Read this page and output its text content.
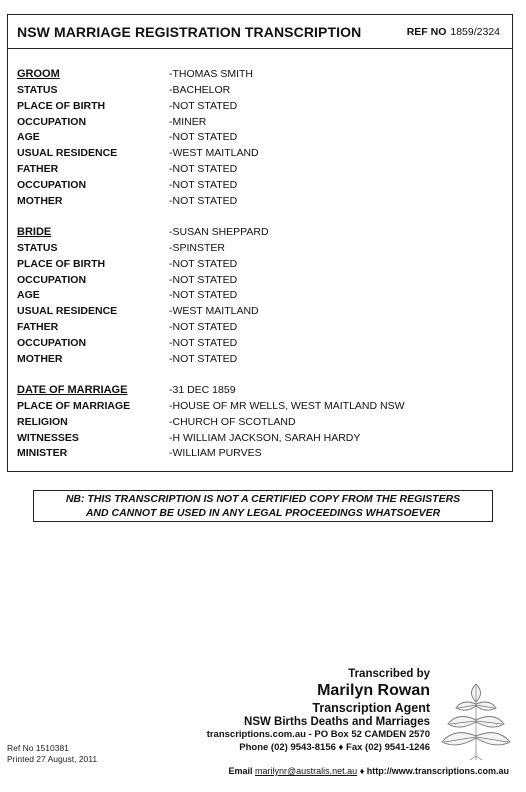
NSW MARRIAGE REGISTRATION TRANSCRIPTION	REF NO 1859/2324
GROOM	-THOMAS SMITH
STATUS	-BACHELOR
PLACE OF BIRTH	-NOT STATED
OCCUPATION	-MINER
AGE	-NOT STATED
USUAL RESIDENCE	-WEST MAITLAND
FATHER	-NOT STATED
OCCUPATION	-NOT STATED
MOTHER	-NOT STATED
BRIDE	-SUSAN SHEPPARD
STATUS	-SPINSTER
PLACE OF BIRTH	-NOT STATED
OCCUPATION	-NOT STATED
AGE	-NOT STATED
USUAL RESIDENCE	-WEST MAITLAND
FATHER	-NOT STATED
OCCUPATION	-NOT STATED
MOTHER	-NOT STATED
DATE OF MARRIAGE	-31 DEC 1859
PLACE OF MARRIAGE	-HOUSE OF MR WELLS, WEST MAITLAND NSW
RELIGION	-CHURCH OF SCOTLAND
WITNESSES	-H WILLIAM JACKSON, SARAH HARDY
MINISTER	-WILLIAM PURVES
NB: THIS TRANSCRIPTION IS NOT A CERTIFIED COPY FROM THE REGISTERS
AND CANNOT BE USED IN ANY LEGAL PROCEEDINGS WHATSOEVER
Transcribed by
Marilyn Rowan
Transcription Agent
NSW Births Deaths and Marriages
transcriptions.com.au - PO Box 52 CAMDEN 2570
Phone (02) 9543-8156 ♦ Fax (02) 9541-1246
Email marilynr@australis.net.au ♦ http://www.transcriptions.com.au
Ref No 1510381
Printed 27 August, 2011
